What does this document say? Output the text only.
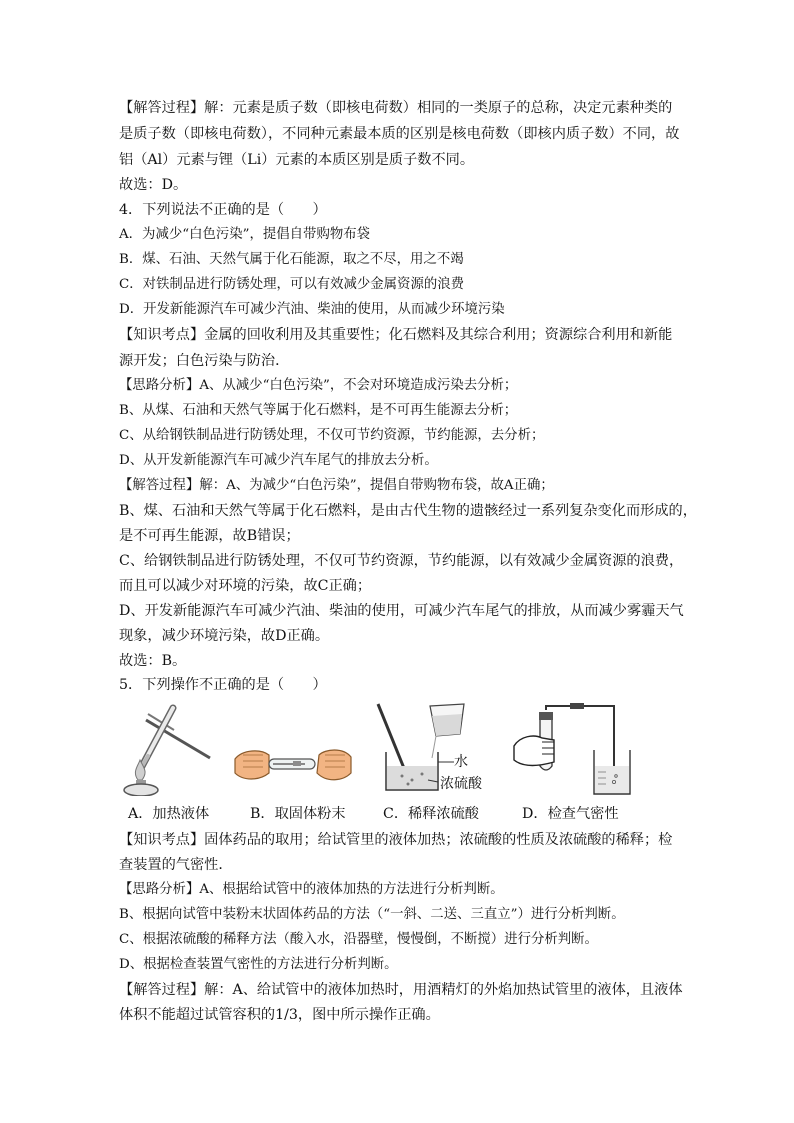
【解答过程】解：元素是质子数（即核电荷数）相同的一类原子的总称，决定元素种类的
是质子数（即核电荷数），不同种元素最本质的区别是核电荷数（即核内质子数）不同，故
铝（Al）元素与锂（Li）元素的本质区别是质子数不同。
故选：D。
4．下列说法不正确的是（　　）
A．为减少“白色污染”，提倡自带购物布袋
B．煤、石油、天然气属于化石能源，取之不尽，用之不竭
C．对铁制品进行防锈处理，可以有效减少金属资源的浪费
D．开发新能源汽车可减少汽油、柴油的使用，从而减少环境污染
【知识考点】金属的回收利用及其重要性；化石燃料及其综合利用；资源综合利用和新能
源开发；白色污染与防治．
【思路分析】A、从减少“白色污染”，不会对环境造成污染去分析；
B、从煤、石油和天然气等属于化石燃料，是不可再生能源去分析；
C、从给钢铁制品进行防锈处理，不仅可节约资源，节约能源，去分析；
D、从开发新能源汽车可减少汽车尾气的排放去分析。
【解答过程】解：A、为减少“白色污染”，提倡自带购物布袋，故A正确；
B、煤、石油和天然气等属于化石燃料，是由古代生物的遗骸经过一系列复杂变化而形成的，
是不可再生能源，故B错误；
C、给钢铁制品进行防锈处理，不仅可节约资源，节约能源，以有效减少金属资源的浪费，
而且可以减少对环境的污染，故C正确；
D、开发新能源汽车可减少汽油、柴油的使用，可减少汽车尾气的排放，从而减少雾霾天气
现象，减少环境污染，故D正确。
故选：B。
5．下列操作不正确的是（　　）
水
浓硫酸
A．加热液体	B．取固体粉末	C．稀释浓硫酸	D．检查气密性
【知识考点】固体药品的取用；给试管里的液体加热；浓硫酸的性质及浓硫酸的稀释；检
查装置的气密性．
【思路分析】A、根据给试管中的液体加热的方法进行分析判断。
B、根据向试管中装粉末状固体药品的方法（“一斜、二送、三直立”）进行分析判断。
C、根据浓硫酸的稀释方法（酸入水，沿器壁，慢慢倒，不断搅）进行分析判断。
D、根据检查装置气密性的方法进行分析判断。
【解答过程】解：A、给试管中的液体加热时，用酒精灯的外焰加热试管里的液体，且液体
体积不能超过试管容积的1/3，图中所示操作正确。
